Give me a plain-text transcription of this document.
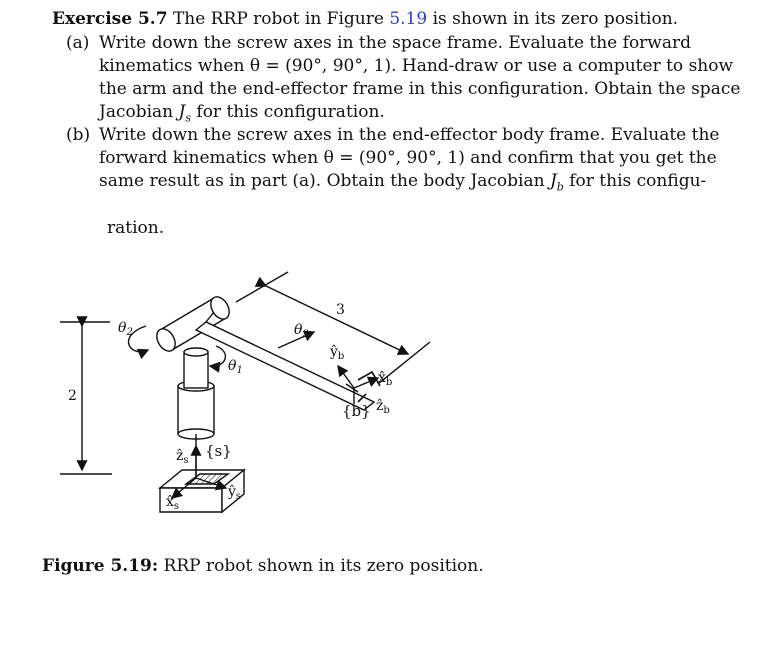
Exercise 5.7 The RRP robot in Figure 5.19 is shown in its zero position.
(a) Write down the screw axes in the space frame. Evaluate the forward
kinematics when θ = (90°, 90°, 1). Hand-draw or use a computer to show
the arm and the end-effector frame in this configuration. Obtain the space
Jacobian $J_s$ for this configuration.
(b) Write down the screw axes in the end-effector body frame. Evaluate the
forward kinematics when θ = (90°, 90°, 1) and confirm that you get the
same result as in part (a). Obtain the body Jacobian $J_b$ for this configu-
ration.
2
3
$\theta_1$
$\theta_2$	$\theta_3$
ẑ$_s$
{s}
$x̂_s$
$ŷ_s$
$ŷ_b$
$x̂_b$
{b} ẑ$_b$
Figure 5.19: RRP robot shown in its zero position.
